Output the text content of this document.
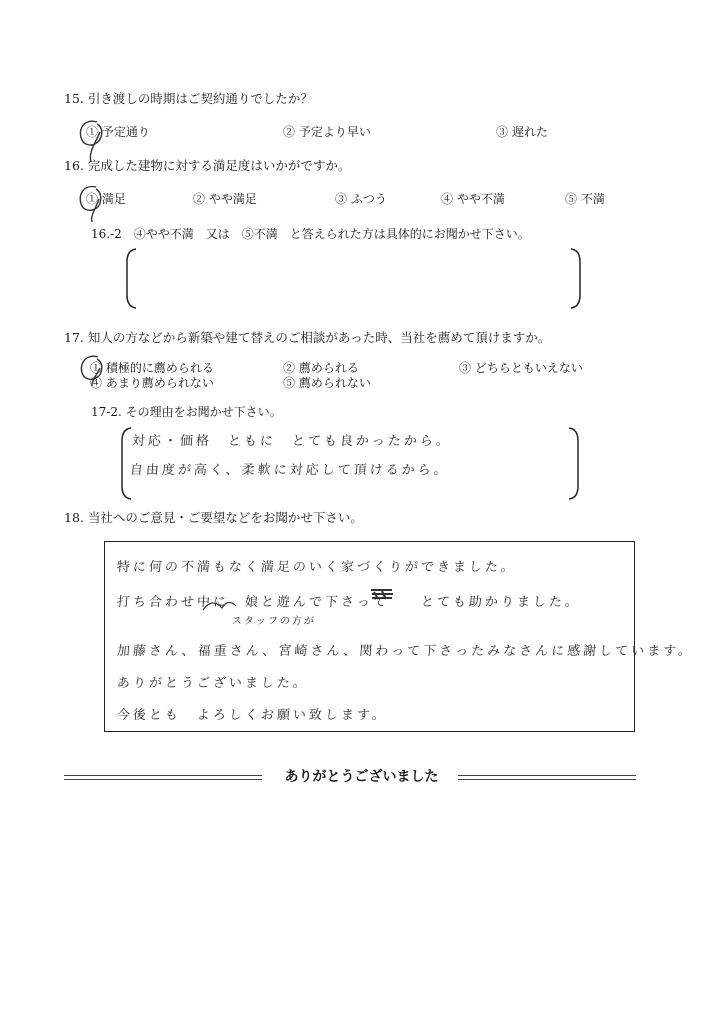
15. 引き渡しの時期はご契約通りでしたか？
① 予定通り	② 予定より早い	③ 遅れた
16. 完成した建物に対する満足度はいかがですか。
① 満足	② やや満足	③ ふつう	④ やや不満	⑤ 不満
16.-2　④やや不満　又は　⑤不満　と答えられた方は具体的にお聞かせ下さい。
17. 知人の方などから新築や建て替えのご相談があった時、当社を薦めて頂けますか。
① 積極的に薦められる	② 薦められる	③ どちらともいえない
④ あまり薦められない	⑤ 薦められない
17-2. その理由をお聞かせ下さい。
対応・価格　ともに　とても良かったから。
自由度が高く、柔軟に対応して頂けるから。
18. 当社へのご意見・ご要望などをお聞かせ下さい。
特に何の不満もなく満足のいく家づくりができました。
打ち合わせ中に　娘と遊んで下さって　　とても助かりました。
スタッフの方が
加藤さん、福重さん、宮崎さん、関わって下さったみなさんに感謝しています。
ありがとうございました。
今後とも　よろしくお願い致します。
ありがとうございました
